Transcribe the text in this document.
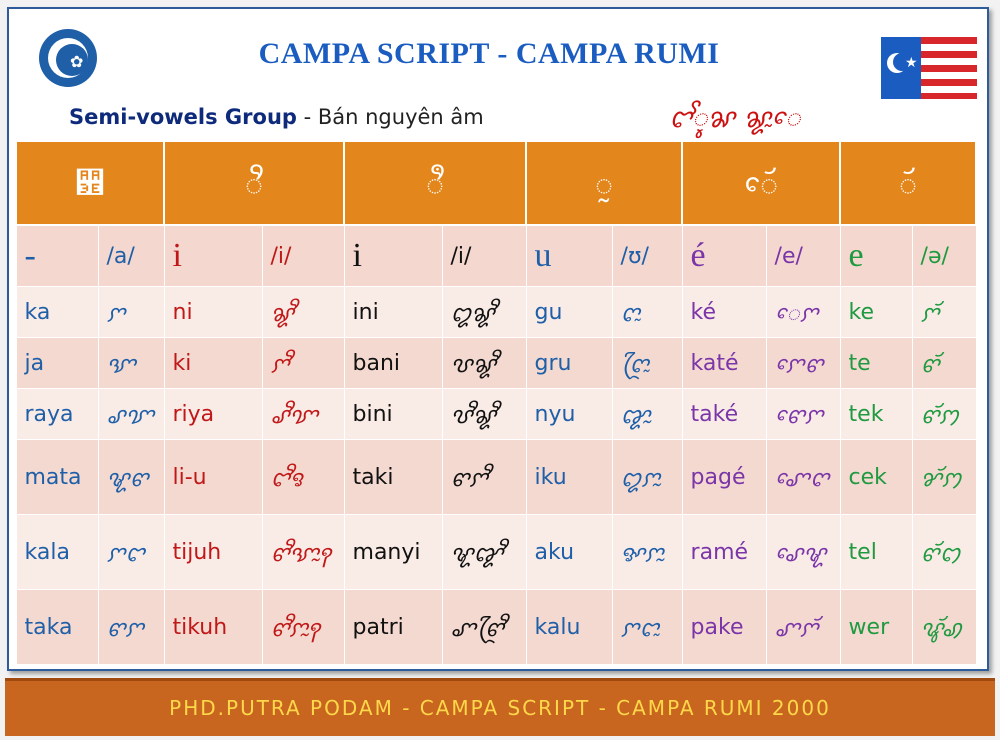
✿	CAMPA SCRIPT - CAMPA RUMI	★
Semi-vowels Group - Bán nguyên âm	ꨤꨩꨶꨗ ꨘꨭꨯ
꨾		ꨪ		ꨫ		ꨭ		ꨯꨮ		ꨮ	
-	/a/	i	/i/	i	/i/	u	/ʊ/	é	/e/	e	/ə/
ka	ꨆ	ni	ꨘꨪ	ini	ꨁꨘꨪ	gu	ꨈꨭ	ké	ꨯꨆ	ke	ꨆꨮ
ja	ꨎ	ki	ꨆꨪ	bani	ꨝꨘꨪ	gru	ꨈꨴꨭ	katé	ꨆꨯꨓ	te	ꨓꨮ
raya	ꨣꨢ	riya	ꨣꨪꨢ	bini	ꨝꨪꨘꨪ	nyu	ꨑꨭ	také	ꨓꨯꨆ	tek	ꨓꨮꩀ
mata	ꨠꨓ	li-u	ꨤꨪꨅ	taki	ꨓꨆꨪ	iku	ꨁꨆꨭ	pagé	ꨚꨯꨈ	cek	ꨌꨮꩀ
kala	ꨆꨤ	tijuh	ꨓꨪꨎꨭꩍ	manyi	ꨠꨑꨪ	aku	ꨀꨆꨭ	ramé	ꨣꨯꨠ	tel	ꨓꨮꩊ
taka	ꨓꨆ	tikuh	ꨓꨪꨆꨭꩍ	patri	ꨚꨓꨴꨪ	kalu	ꨆꨤꨭ	pake	ꨚꨆꨮ	wer	ꨥꨮꩉ
PHD.PUTRA PODAM - CAMPA SCRIPT - CAMPA RUMI 2000
